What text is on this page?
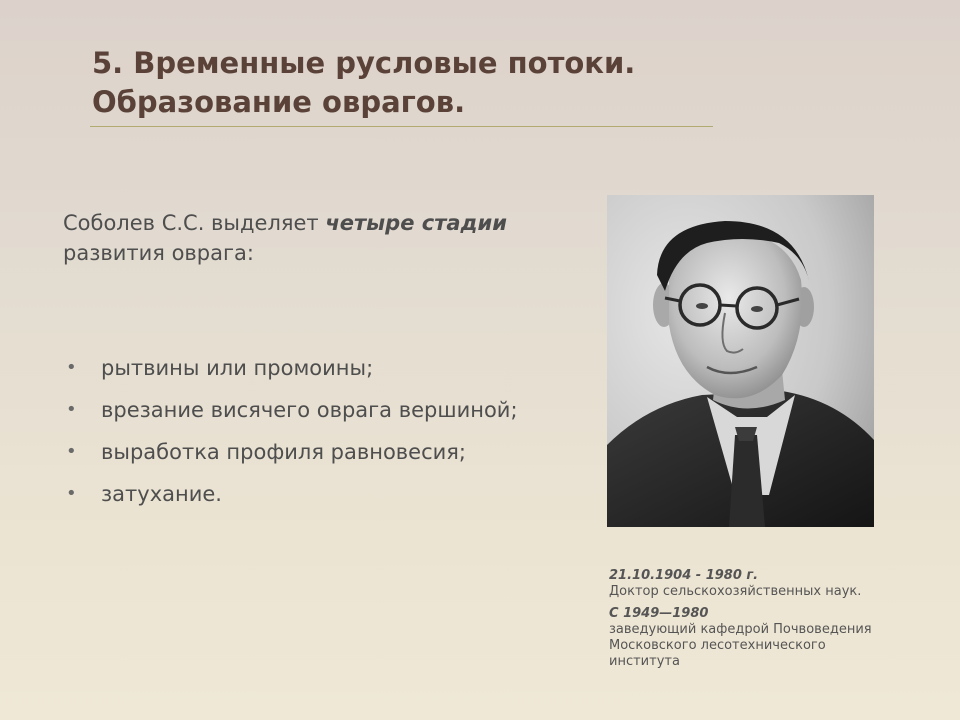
5. Временные русловые потоки.
Образование оврагов.
Соболев С.С. выделяет четыре стадии
развития оврага:
• рытвины или промоины;
• врезание висячего оврага вершиной;
• выработка профиля равновесия;
• затухание.
21.10.1904 - 1980 г.
Доктор сельскохозяйственных наук.
С 1949—1980
заведующий кафедрой Почвоведения
Московского лесотехнического
института
